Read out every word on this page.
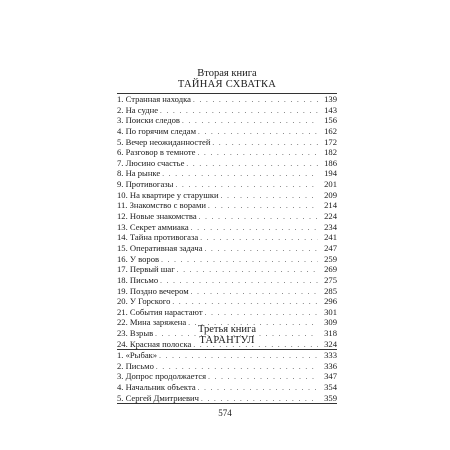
Вторая книга
ТАЙНАЯ СХВАТКА
1. Странная находка . . .	139
2. На судне . . .	143
3. Поиски следов . . .	156
4. По горячим следам . . .	162
5. Вечер неожиданностей . . .	172
6. Разговор в темноте . . .	182
7. Люсино счастье . . .	186
8. На рынке . . .	194
9. Противогазы . . .	201
10. На квартире у старушки . . .	209
11. Знакомство с ворами . . .	214
12. Новые знакомства . . .	224
13. Секрет аммиака . . .	234
14. Тайна противогаза . . .	241
15. Оперативная задача . . .	247
16. У воров . . .	259
17. Первый шаг . . .	269
18. Письмо . . .	275
19. Поздно вечером . . .	285
20. У Горского . . .	296
21. События нарастают . . .	301
22. Мина заряжена . . .	309
23. Взрыв . . .	318
24. Красная полоска . . .	324
Третья книга
ТАРАНТУЛ
1. «Рыбак» . . .	333
2. Письмо . . .	336
3. Допрос продолжается . . .	347
4. Начальник объекта . . .	354
5. Сергей Дмитриевич . . .	359
574
